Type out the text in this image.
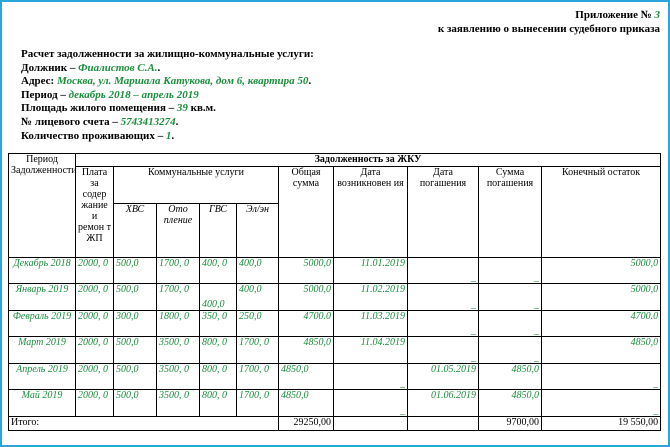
Приложение № 3
к заявлению о вынесении судебного приказа
Расчет задолженности за жилищно-коммунальные услуги:
Должник – Фиалистов С.А..
Адрес: Москва, ул. Маршала Катукова, дом 6, квартира 50.
Период – декабрь 2018 – апрель 2019
Площадь жилого помещения – 39 кв.м.
№ лицевого счета – 5743413274.
Количество проживающих – 1.
Период Задолженности	Задолженность за ЖКУ									
	Плата за содер жание и ремон т ЖП	Коммунальные услуги				Общая сумма	Дата возникновен ия	Дата погашения	Сумма погашения	Конечный остаток
		ХВС	Ото пление	ГВС	Эл/эн					
Декабрь 2018	2000, 0	500,0	1700, 0	400, 0	400,0	5000,0	11.01.2019	_	_	5000,0
Январь 2019	2000, 0	500,0	1700, 0	400,0	400,0	5000,0	11.02.2019	_	_	5000,0
Февраль 2019	2000, 0	300,0	1800, 0	350, 0	250,0	4700.0	11.03.2019	_	_	4700.0
Март 2019	2000, 0	500,0	3500, 0	800, 0	1700, 0	4850,0	11.04.2019	_	_	4850,0
Апрель 2019	2000, 0	500,0	3500, 0	800, 0	1700, 0	4850,0	_	01.05.2019	4850,0	_
Май 2019	2000, 0	500,0	3500, 0	800, 0	1700, 0	4850,0	_	01.06.2019	4850,0	_
Итого:						29250,00			9700,00	19 550,00
